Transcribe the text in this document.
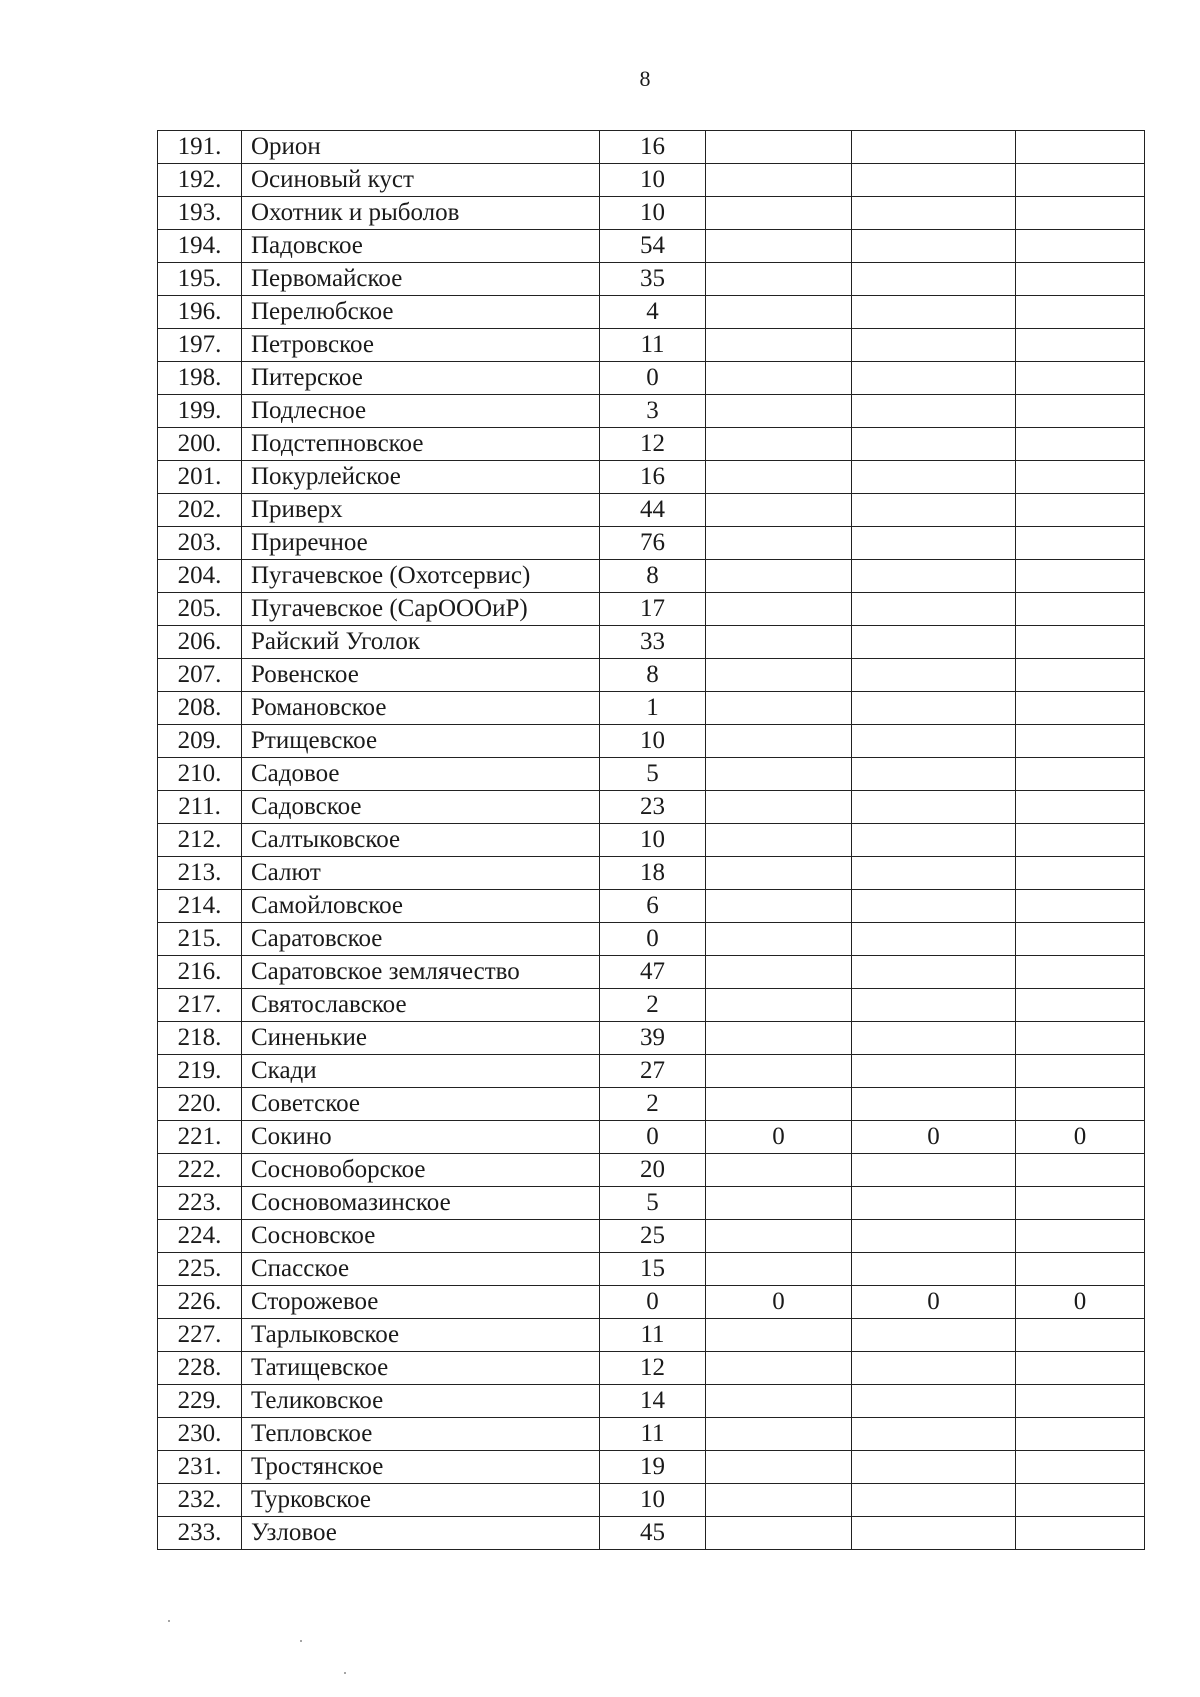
8
191.	Орион	16			
192.	Осиновый куст	10			
193.	Охотник и рыболов	10			
194.	Падовское	54			
195.	Первомайское	35			
196.	Перелюбское	4			
197.	Петровское	11			
198.	Питерское	0			
199.	Подлесное	3			
200.	Подстепновское	12			
201.	Покурлейское	16			
202.	Приверх	44			
203.	Приречное	76			
204.	Пугачевское (Охотсервис)	8			
205.	Пугачевское (СарОООиР)	17			
206.	Райский Уголок	33			
207.	Ровенское	8			
208.	Романовское	1			
209.	Ртищевское	10			
210.	Садовое	5			
211.	Садовское	23			
212.	Салтыковское	10			
213.	Салют	18			
214.	Самойловское	6			
215.	Саратовское	0			
216.	Саратовское землячество	47			
217.	Святославское	2			
218.	Синенькие	39			
219.	Скади	27			
220.	Советское	2			
221.	Сокино	0	0	0	0
222.	Сосновоборское	20			
223.	Сосновомазинское	5			
224.	Сосновское	25			
225.	Спасское	15			
226.	Сторожевое	0	0	0	0
227.	Тарлыковское	11			
228.	Татищевское	12			
229.	Теликовское	14			
230.	Тепловское	11			
231.	Тростянское	19			
232.	Турковское	10			
233.	Узловое	45			
